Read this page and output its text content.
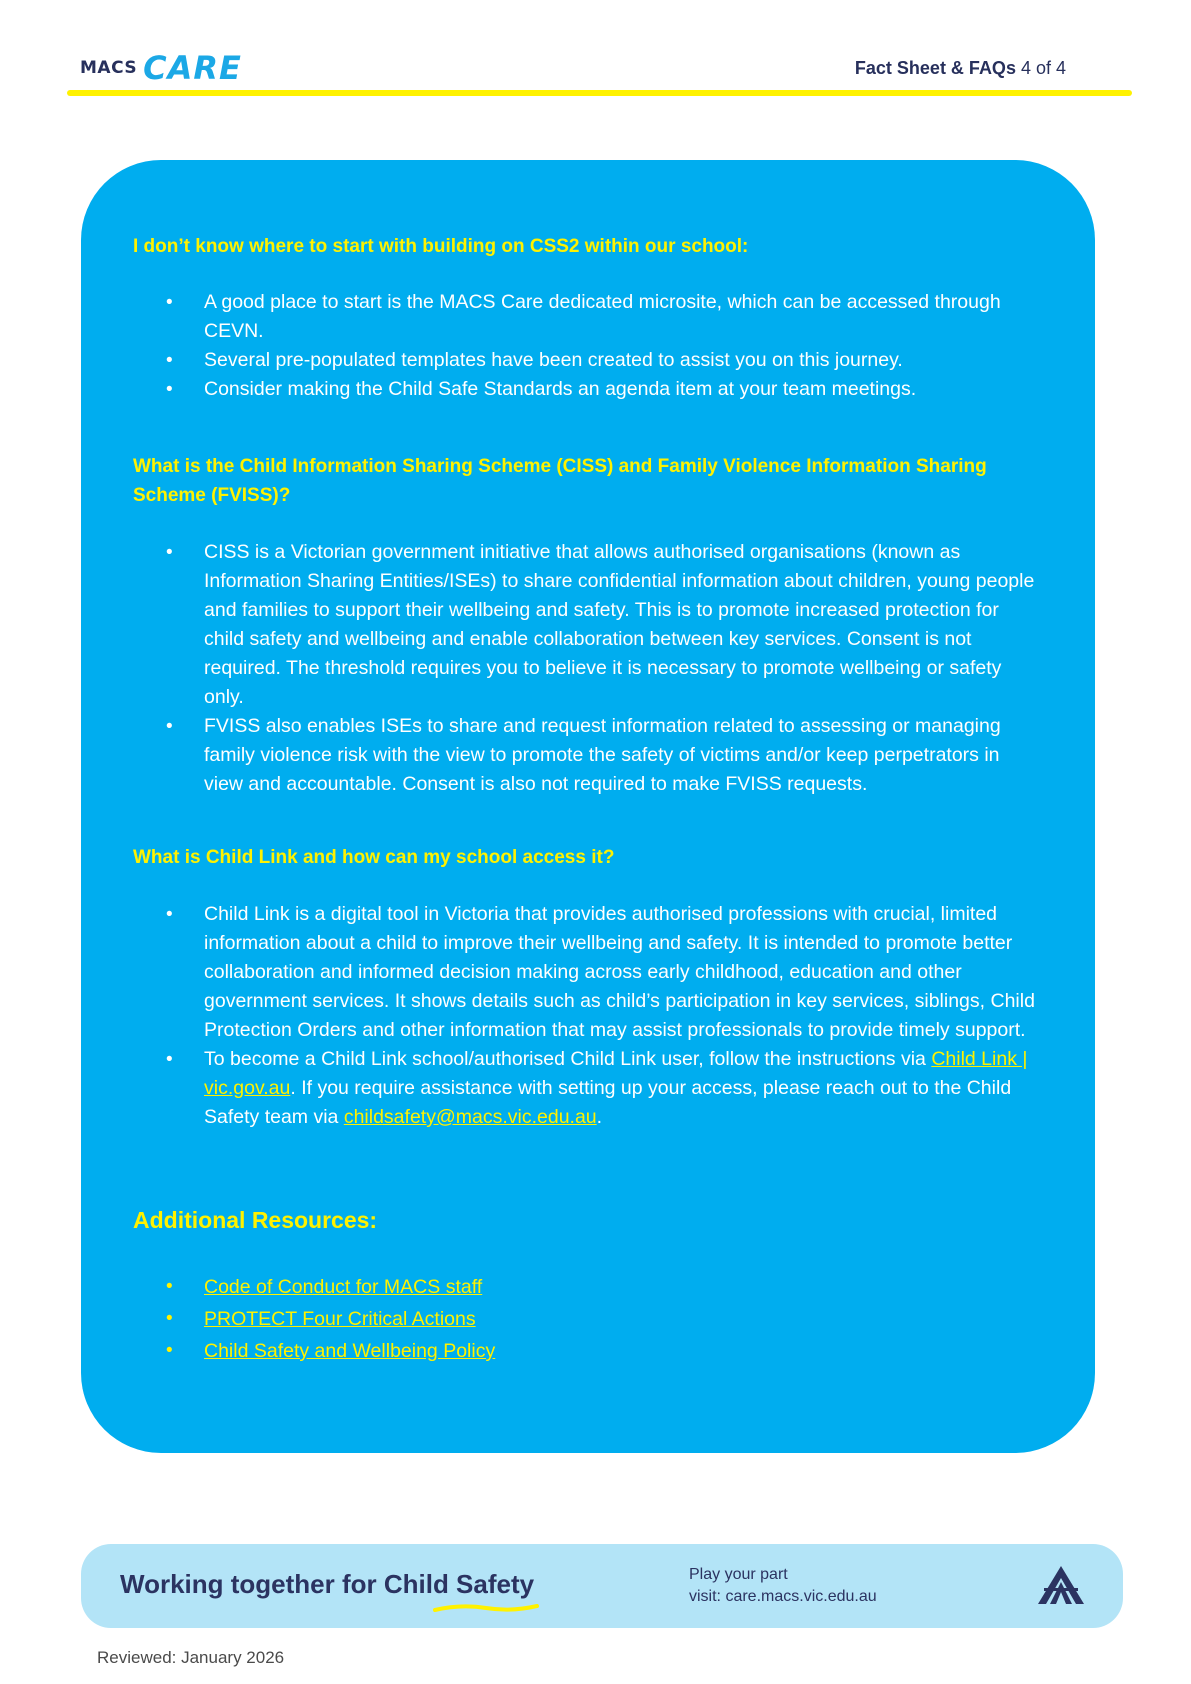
MACS CARE	Fact Sheet & FAQs 4 of 4
I don’t know where to start with building on CSS2 within our school:
• A good place to start is the MACS Care dedicated microsite, which can be accessed through CEVN.
• Several pre-populated templates have been created to assist you on this journey.
• Consider making the Child Safe Standards an agenda item at your team meetings.
What is the Child Information Sharing Scheme (CISS) and Family Violence Information Sharing Scheme (FVISS)?
• CISS is a Victorian government initiative that allows authorised organisations (known as Information Sharing Entities/ISEs) to share confidential information about children, young people and families to support their wellbeing and safety. This is to promote increased protection for child safety and wellbeing and enable collaboration between key services. Consent is not required. The threshold requires you to believe it is necessary to promote wellbeing or safety only.
• FVISS also enables ISEs to share and request information related to assessing or managing family violence risk with the view to promote the safety of victims and/or keep perpetrators in view and accountable. Consent is also not required to make FVISS requests.
What is Child Link and how can my school access it?
• Child Link is a digital tool in Victoria that provides authorised professions with crucial, limited information about a child to improve their wellbeing and safety. It is intended to promote better collaboration and informed decision making across early childhood, education and other government services. It shows details such as child’s participation in key services, siblings, Child Protection Orders and other information that may assist professionals to provide timely support.
• To become a Child Link school/authorised Child Link user, follow the instructions via Child Link | vic.gov.au. If you require assistance with setting up your access, please reach out to the Child Safety team via childsafety@macs.vic.edu.au.
Additional Resources:
• Code of Conduct for MACS staff
• PROTECT Four Critical Actions
• Child Safety and Wellbeing Policy
Working together for Child Safety	Play your part
visit: care.macs.vic.edu.au
Reviewed: January 2026
